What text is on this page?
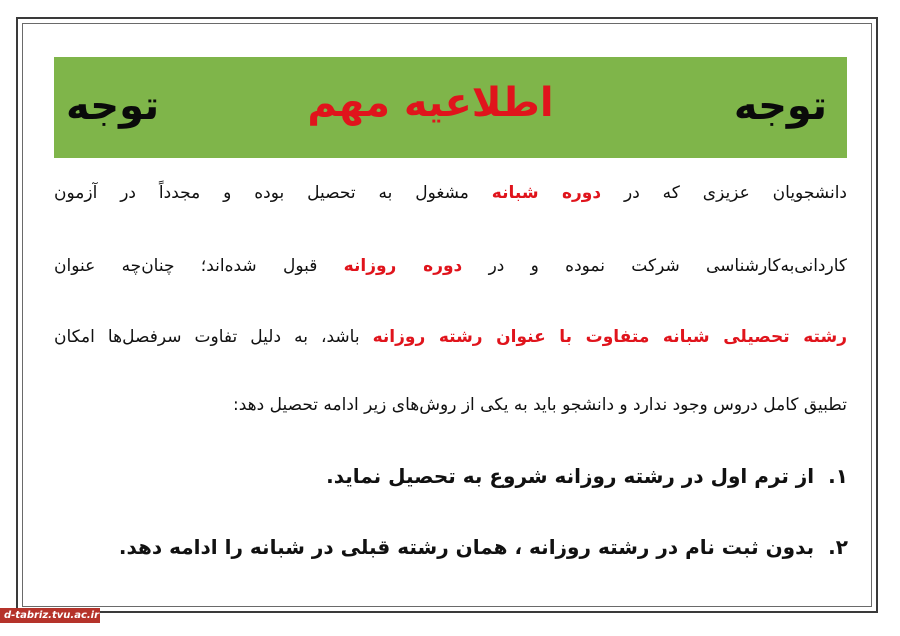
توجه
اطلاعیه مهم
توجه
دانشجویان عزیزی که در دوره شبانه مشغول به تحصیل بوده و مجدداً در آزمون
کاردانی‌به‌کارشناسی شرکت نموده و در دوره روزانه قبول شده‌اند؛ چنان‌چه عنوان
رشته تحصیلی شبانه متفاوت با عنوان رشته روزانه باشد، به دلیل تفاوت سرفصل‌ها امکان
تطبیق کامل دروس وجود ندارد و دانشجو باید به یکی از روش‌های زیر ادامه تحصیل دهد:
۱.از ترم اول در رشته روزانه شروع به تحصیل نماید.
۲.بدون ثبت نام در رشته روزانه ، همان رشته قبلی در شبانه را ادامه دهد.
d-tabriz.tvu.ac.ir
